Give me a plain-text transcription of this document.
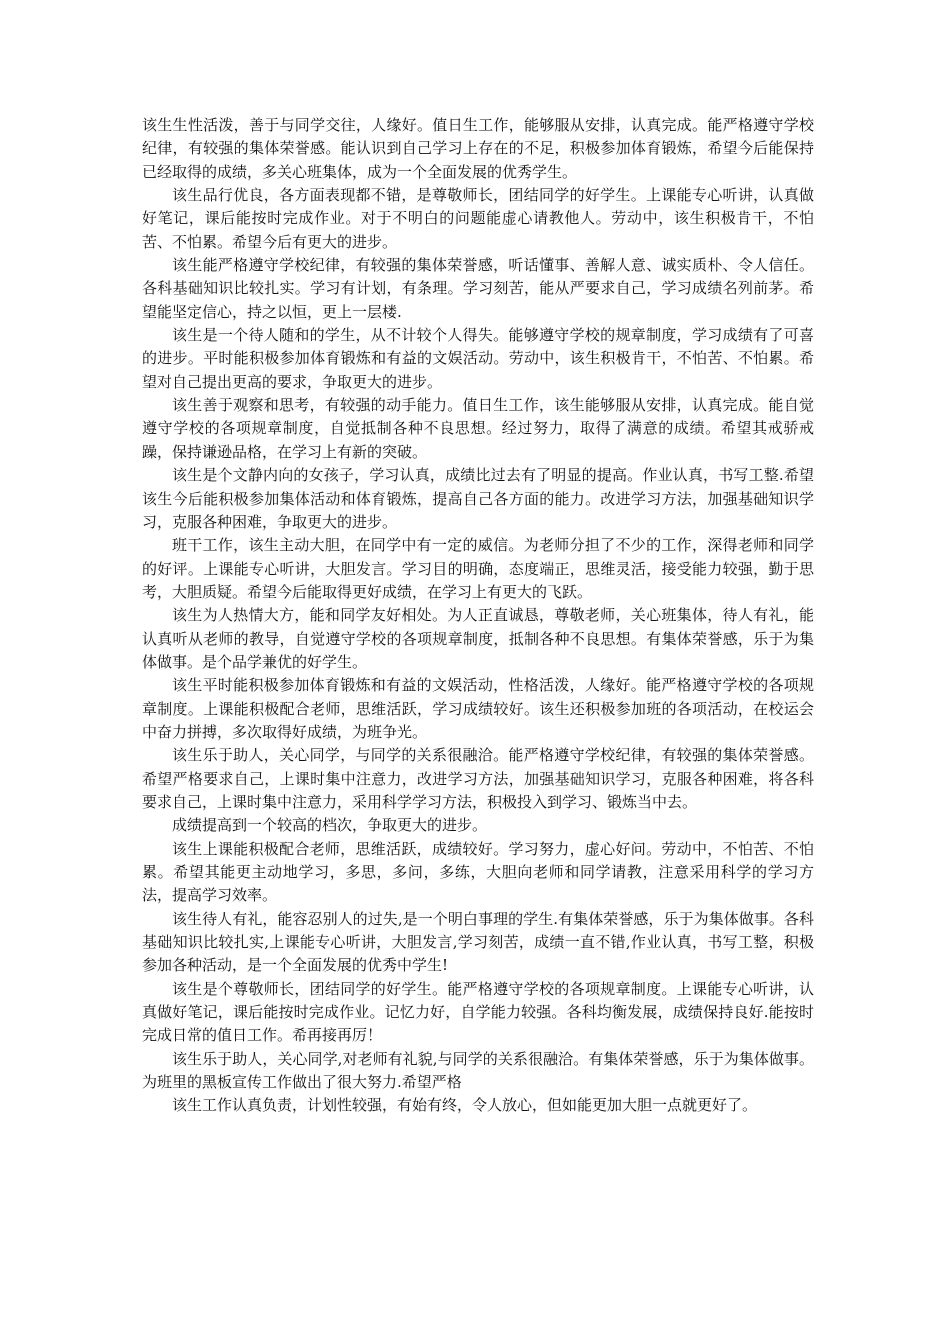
该生生性活泼，善于与同学交往，人缘好。值日生工作，能够服从安排，认真完成。能严格遵守学校纪律，有较强的集体荣誉感。能认识到自己学习上存在的不足，积极参加体育锻炼，希望今后能保持已经取得的成绩，多关心班集体，成为一个全面发展的优秀学生。

该生品行优良，各方面表现都不错，是尊敬师长，团结同学的好学生。上课能专心听讲，认真做好笔记，课后能按时完成作业。对于不明白的问题能虚心请教他人。劳动中，该生积极肯干，不怕苦、不怕累。希望今后有更大的进步。

该生能严格遵守学校纪律，有较强的集体荣誉感，听话懂事、善解人意、诚实质朴、令人信任。各科基础知识比较扎实。学习有计划，有条理。学习刻苦，能从严要求自己，学习成绩名列前茅。希望能坚定信心，持之以恒，更上一层楼.

该生是一个待人随和的学生，从不计较个人得失。能够遵守学校的规章制度，学习成绩有了可喜的进步。平时能积极参加体育锻炼和有益的文娱活动。劳动中，该生积极肯干，不怕苦、不怕累。希望对自己提出更高的要求，争取更大的进步。

该生善于观察和思考，有较强的动手能力。值日生工作，该生能够服从安排，认真完成。能自觉遵守学校的各项规章制度，自觉抵制各种不良思想。经过努力，取得了满意的成绩。希望其戒骄戒躁，保持谦逊品格，在学习上有新的突破。

该生是个文静内向的女孩子，学习认真，成绩比过去有了明显的提高。作业认真，书写工整.希望该生今后能积极参加集体活动和体育锻炼，提高自己各方面的能力。改进学习方法，加强基础知识学习，克服各种困难，争取更大的进步。

班干工作，该生主动大胆，在同学中有一定的威信。为老师分担了不少的工作，深得老师和同学的好评。上课能专心听讲，大胆发言。学习目的明确，态度端正，思维灵活，接受能力较强，勤于思考，大胆质疑。希望今后能取得更好成绩，在学习上有更大的飞跃。

该生为人热情大方，能和同学友好相处。为人正直诚恳，尊敬老师，关心班集体，待人有礼，能认真听从老师的教导，自觉遵守学校的各项规章制度，抵制各种不良思想。有集体荣誉感，乐于为集体做事。是个品学兼优的好学生。

该生平时能积极参加体育锻炼和有益的文娱活动，性格活泼，人缘好。能严格遵守学校的各项规章制度。上课能积极配合老师，思维活跃，学习成绩较好。该生还积极参加班的各项活动，在校运会中奋力拼搏，多次取得好成绩，为班争光。

该生乐于助人，关心同学，与同学的关系很融洽。能严格遵守学校纪律，有较强的集体荣誉感。希望严格要求自己，上课时集中注意力，改进学习方法，加强基础知识学习，克服各种困难，将各科要求自己，上课时集中注意力，采用科学学习方法，积极投入到学习、锻炼当中去。

成绩提高到一个较高的档次，争取更大的进步。

该生上课能积极配合老师，思维活跃，成绩较好。学习努力，虚心好问。劳动中，不怕苦、不怕累。希望其能更主动地学习，多思，多问，多练，大胆向老师和同学请教，注意采用科学的学习方法，提高学习效率。

该生待人有礼，能容忍别人的过失,是一个明白事理的学生.有集体荣誉感，乐于为集体做事。各科基础知识比较扎实,上课能专心听讲，大胆发言,学习刻苦，成绩一直不错,作业认真，书写工整，积极参加各种活动，是一个全面发展的优秀中学生!

该生是个尊敬师长，团结同学的好学生。能严格遵守学校的各项规章制度。上课能专心听讲，认真做好笔记，课后能按时完成作业。记忆力好，自学能力较强。各科均衡发展，成绩保持良好.能按时完成日常的值日工作。希再接再厉！

该生乐于助人，关心同学,对老师有礼貌,与同学的关系很融洽。有集体荣誉感，乐于为集体做事。为班里的黑板宣传工作做出了很大努力.希望严格

该生工作认真负责，计划性较强，有始有终，令人放心，但如能更加大胆一点就更好了。
